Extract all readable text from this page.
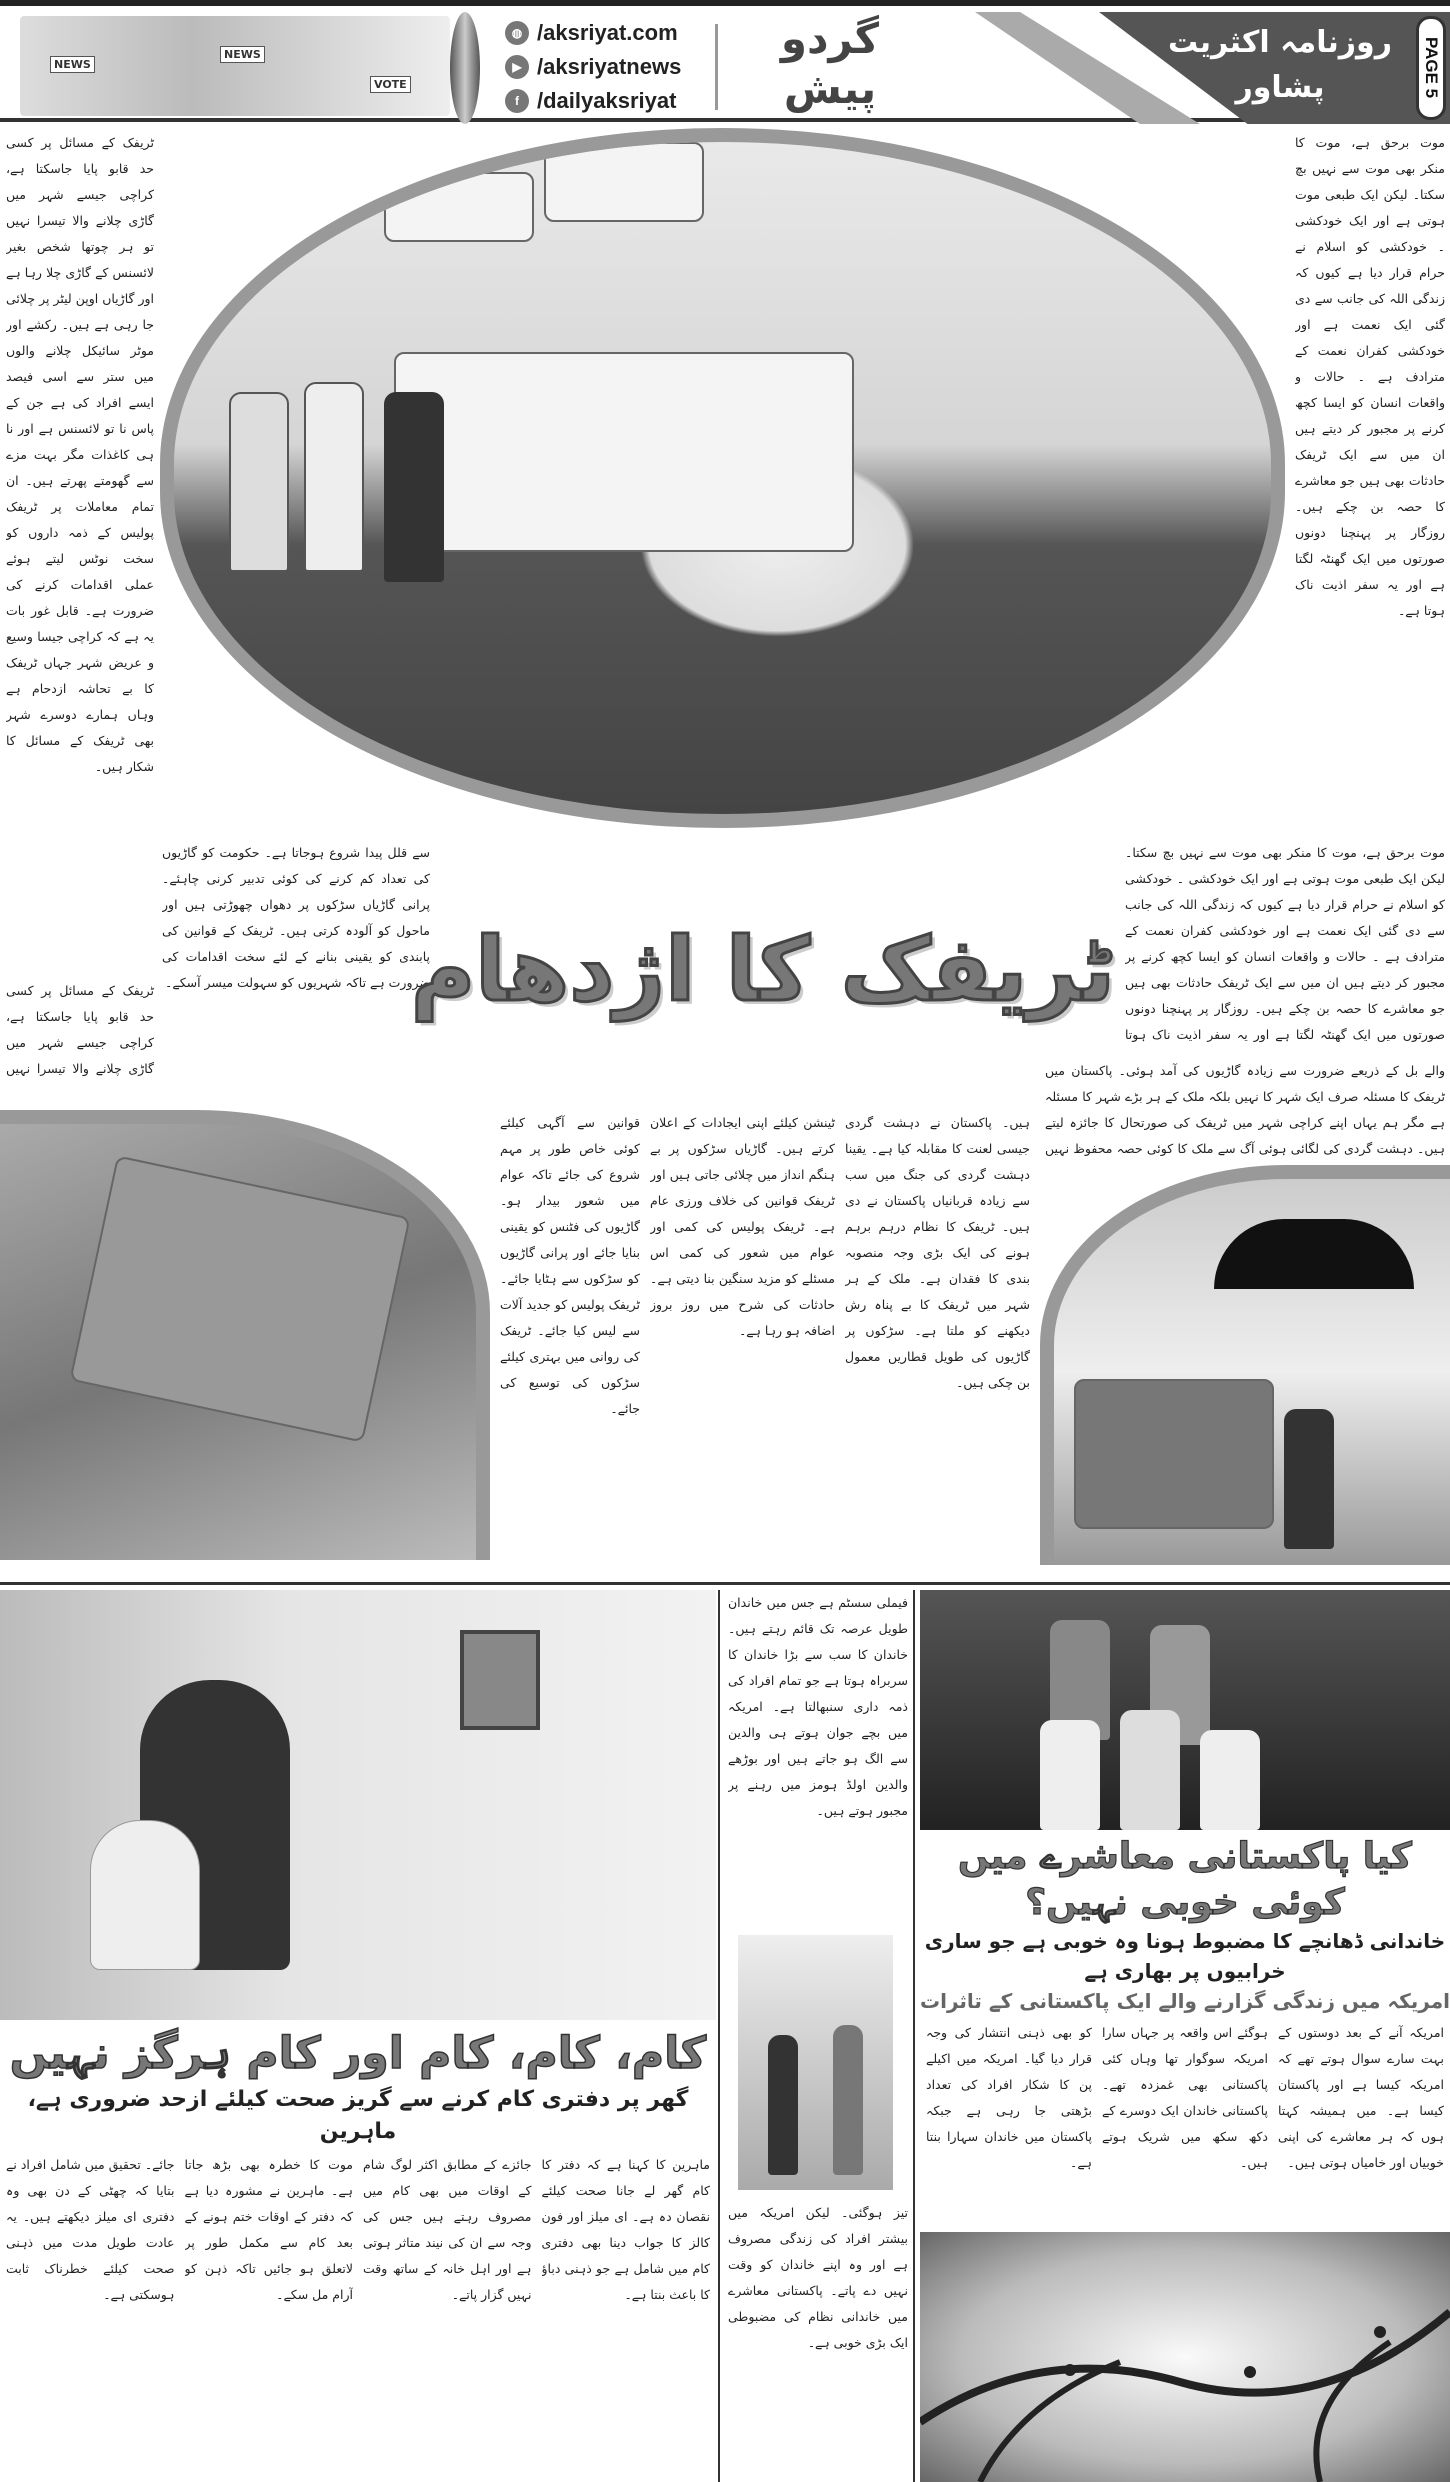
NEWS
NEWS
VOTE
◍ /aksriyat.com
▶ /aksriyatnews
f /dailyaksriyat
گردو
پیش
روزنامہ اکثریت پشاور	PAGE 5
ٹریفک کے مسائل پر کسی حد قابو پایا جاسکتا ہے، کراچی جیسے شہر میں گاڑی چلانے والا تیسرا نہیں تو ہر چوتھا شخص بغیر لائسنس کے گاڑی چلا رہا ہے اور گاڑیاں اوپن لیٹر پر چلائی جا رہی ہے ہیں۔ رکشے اور موٹر سائیکل چلانے والوں میں ستر سے اسی فیصد ایسے افراد کی ہے جن کے پاس نا تو لائسنس ہے اور نا ہی کاغذات مگر بہت مزے سے گھومتے پھرتے ہیں۔ ان تمام معاملات پر ٹریفک پولیس کے ذمہ داروں کو سخت نوٹس لیتے ہوئے عملی اقدامات کرنے کی ضرورت ہے۔ قابل غور بات یہ ہے کہ کراچی جیسا وسیع و عریض شہر جہاں ٹریفک کا بے تحاشہ ازدحام ہے وہاں ہمارے دوسرے شہر بھی ٹریفک کے مسائل کا شکار ہیں۔
موت برحق ہے، موت کا منکر بھی موت سے نہیں بچ سکتا۔ لیکن ایک طبعی موت ہوتی ہے اور ایک خودکشی ۔ خودکشی کو اسلام نے حرام قرار دیا ہے کیوں کہ زندگی اللہ کی جانب سے دی گئی ایک نعمت ہے اور خودکشی کفران نعمت کے مترادف ہے ۔ حالات و واقعات انسان کو ایسا کچھ کرنے پر مجبور کر دیتے ہیں ان میں سے ایک ٹریفک حادثات بھی ہیں جو معاشرے کا حصہ بن چکے ہیں۔ روزگار پر پہنچنا دونوں صورتوں میں ایک گھنٹہ لگتا ہے اور یہ سفر اذیت ناک ہوتا ہے۔
موت برحق ہے، موت کا منکر بھی موت سے نہیں بچ سکتا۔ لیکن ایک طبعی موت ہوتی ہے اور ایک خودکشی ۔ خودکشی کو اسلام نے حرام قرار دیا ہے کیوں کہ زندگی اللہ کی جانب سے دی گئی ایک نعمت ہے اور خودکشی کفران نعمت کے مترادف ہے ۔ حالات و واقعات انسان کو ایسا کچھ کرنے پر مجبور کر دیتے ہیں ان میں سے ایک ٹریفک حادثات بھی ہیں جو معاشرے کا حصہ بن چکے ہیں۔ روزگار پر پہنچنا دونوں صورتوں میں ایک گھنٹہ لگتا ہے اور یہ سفر اذیت ناک ہوتا
ٹریفک کے مسائل پر کسی حد قابو پایا جاسکتا ہے، کراچی جیسے شہر میں گاڑی چلانے والا تیسرا نہیں
سے قلل پیدا شروع ہوجاتا ہے۔ حکومت کو گاڑیوں کی تعداد کم کرنے کی کوئی تدبیر کرنی چاہئے۔ پرانی گاڑیاں سڑکوں پر دھواں چھوڑتی ہیں اور ماحول کو آلودہ کرتی ہیں۔ ٹریفک کے قوانین کی پابندی کو یقینی بنانے کے لئے سخت اقدامات کی ضرورت ہے تاکہ شہریوں کو سہولت میسر آسکے۔
ٹریفک کا اژدھام
قوانین سے آگہی کیلئے کوئی خاص طور پر مہم شروع کی جائے تاکہ عوام میں شعور بیدار ہو۔ گاڑیوں کی فٹنس کو یقینی بنایا جائے اور پرانی گاڑیوں کو سڑکوں سے ہٹایا جائے۔ ٹریفک پولیس کو جدید آلات سے لیس کیا جائے۔ ٹریفک کی روانی میں بہتری کیلئے سڑکوں کی توسیع کی جائے۔
ٹینشن کیلئے اپنی ایجادات کے اعلان کرتے ہیں۔ گاڑیاں سڑکوں پر بے ہنگم انداز میں چلائی جاتی ہیں اور ٹریفک قوانین کی خلاف ورزی عام ہے۔ ٹریفک پولیس کی کمی اور عوام میں شعور کی کمی اس مسئلے کو مزید سنگین بنا دیتی ہے۔ حادثات کی شرح میں روز بروز اضافہ ہو رہا ہے۔
ہیں۔ پاکستان نے دہشت گردی جیسی لعنت کا مقابلہ کیا ہے۔ یقینا دہشت گردی کی جنگ میں سب سے زیادہ قربانیاں پاکستان نے دی ہیں۔ ٹریفک کا نظام درہم برہم ہونے کی ایک بڑی وجہ منصوبہ بندی کا فقدان ہے۔ ملک کے ہر شہر میں ٹریفک کا بے پناہ رش دیکھنے کو ملتا ہے۔ سڑکوں پر گاڑیوں کی طویل قطاریں معمول بن چکی ہیں۔
والے بل کے ذریعے ضرورت سے زیادہ گاڑیوں کی آمد ہوئی۔ پاکستان میں ٹریفک کا مسئلہ صرف ایک شہر کا نہیں بلکہ ملک کے ہر بڑے شہر کا مسئلہ ہے مگر ہم یہاں اپنے کراچی شہر میں ٹریفک کی صورتحال کا جائزہ لیتے ہیں۔ دہشت گردی کی لگائی ہوئی آگ سے ملک کا کوئی حصہ محفوظ نہیں
کام، کام، کام اور کام ہرگز نہیں
گھر پر دفتری کام کرنے سے گریز صحت کیلئے ازحد ضروری ہے، ماہرین
جائے۔ تحقیق میں شامل افراد نے بتایا کہ چھٹی کے دن بھی وہ دفتری ای میلز دیکھتے ہیں۔ یہ عادت طویل مدت میں ذہنی صحت کیلئے خطرناک ثابت ہوسکتی ہے۔
موت کا خطرہ بھی بڑھ جاتا ہے۔ ماہرین نے مشورہ دیا ہے کہ دفتر کے اوقات ختم ہونے کے بعد کام سے مکمل طور پر لاتعلق ہو جائیں تاکہ ذہن کو آرام مل سکے۔
جائزے کے مطابق اکثر لوگ شام کے اوقات میں بھی کام میں مصروف رہتے ہیں جس کی وجہ سے ان کی نیند متاثر ہوتی ہے اور اہل خانہ کے ساتھ وقت نہیں گزار پاتے۔
ماہرین کا کہنا ہے کہ دفتر کا کام گھر لے جانا صحت کیلئے نقصان دہ ہے۔ ای میلز اور فون کالز کا جواب دینا بھی دفتری کام میں شامل ہے جو ذہنی دباؤ کا باعث بنتا ہے۔
فیملی سسٹم ہے جس میں خاندان طویل عرصہ تک قائم رہتے ہیں۔ خاندان کا سب سے بڑا خاندان کا سربراہ ہوتا ہے جو تمام افراد کی ذمہ داری سنبھالتا ہے۔ امریکہ میں بچے جوان ہوتے ہی والدین سے الگ ہو جاتے ہیں اور بوڑھے والدین اولڈ ہومز میں رہنے پر مجبور ہوتے ہیں۔
تیز ہوگئی۔ لیکن امریکہ میں بیشتر افراد کی زندگی مصروف ہے اور وہ اپنے خاندان کو وقت نہیں دے پاتے۔ پاکستانی معاشرے میں خاندانی نظام کی مضبوطی ایک بڑی خوبی ہے۔
کیا پاکستانی معاشرے میں کوئی خوبی نہیں؟
خاندانی ڈھانچے کا مضبوط ہونا وہ خوبی ہے جو ساری خرابیوں پر بھاری ہے
امریکہ میں زندگی گزارنے والے ایک پاکستانی کے تاثرات
کو بھی ذہنی انتشار کی وجہ قرار دیا گیا۔ امریکہ میں اکیلے پن کا شکار افراد کی تعداد بڑھتی جا رہی ہے جبکہ پاکستان میں خاندان سہارا بنتا ہے۔
ہوگئے اس واقعہ پر جہاں سارا امریکہ سوگوار تھا وہاں کئی پاکستانی بھی غمزدہ تھے۔ پاکستانی خاندان ایک دوسرے کے دکھ سکھ میں شریک ہوتے ہیں۔
امریکہ آنے کے بعد دوستوں کے بہت سارے سوال ہوتے تھے کہ امریکہ کیسا ہے اور پاکستان کیسا ہے۔ میں ہمیشہ کہتا ہوں کہ ہر معاشرے کی اپنی خوبیاں اور خامیاں ہوتی ہیں۔
